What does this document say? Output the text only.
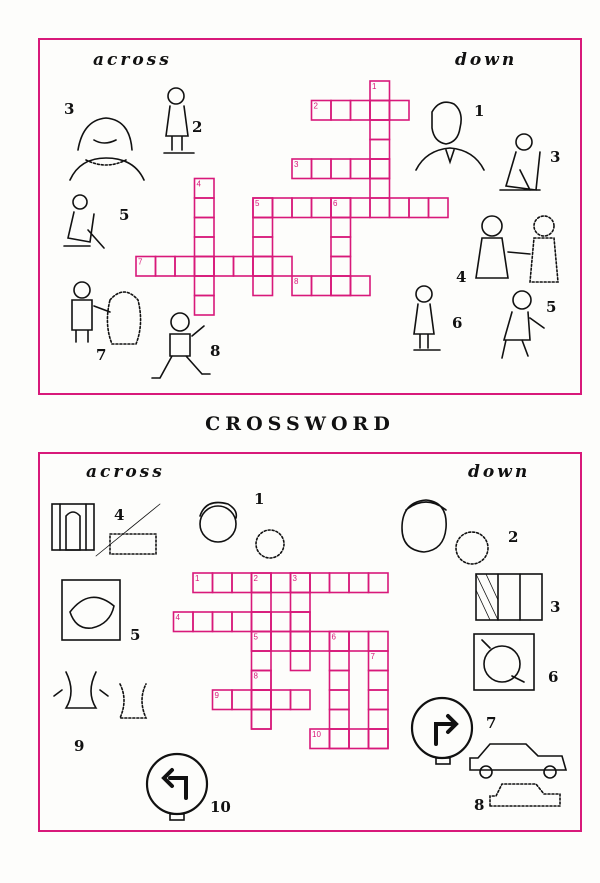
across	down
3
2
5
7	8
1
3
4
6
5
CROSSWORD
across	down
4
1
5
9
10
2
3
6
7
8
1
2
3
4
5	6
7
8
1	2	3
4
5	6
7
8
9
10
